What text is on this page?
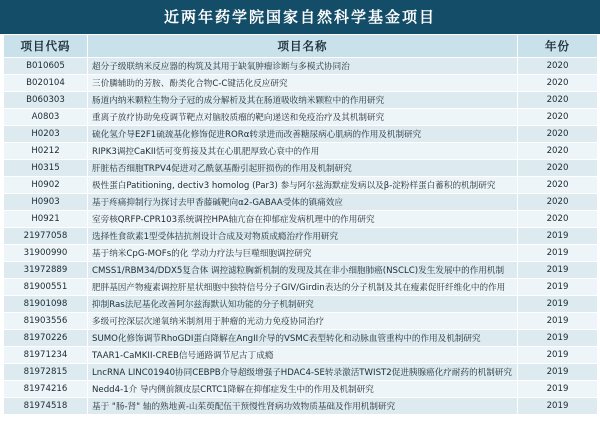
近两年药学院国家自然科学基金项目
项目代码	项目名称	年份
B010605	超分子级联纳米反应器的构筑及其用于缺氧肿瘤诊断与多模式协同治	2020
B020104	三价膦辅助的芳胺、酚类化合物C-C键活化反应研究	2020
B060303	肠道内纳米颗粒生物分子冠的成分解析及其在肠道吸收纳米颗粒中的作用研究	2020
A0803	重离子放疗协助免疫调节靶点对脑胶质瘤的靶向递送和免疫治疗及其机制研究	2020
H0203	硫化氢介导E2F1硫巯基化修饰促进RORα转录进而改善糖尿病心肌病的作用及机制研究	2020
H0212	RIPK3调控CaKII恬可变剪接及其在心肌肥厚致心衰中的作用	2020
H0315	肝脏枯否细胞TRPV4促进对乙酰氨基酚引起肝损伤的作用及机制研究	2020
H0902	极性蛋白Patitioning, dectiv3 homolog (Par3) 参与阿尔兹海默症发病以及β-淀粉样蛋白蓄积的机制研究	2020
H0903	基于疼痛抑制行为探讨去甲香藤碱靶向α2-GABAA受体的镇痛效应	2020
H0921	室旁核QRFP-CPR103系统调控HPA轴亢奋在抑郁症发病机理中的作用研究	2020
21977058	选择性食欲素1型受体拮抗剂设计合成及对物质成瘾治疗作用研究	2019
31900990	基于纳米CpG-MOFs的化 学动力疗法与巨噬细胞调控研究	2019
31972889	CMSS1/RBM34/DDX5复合体 调控滤粒胸新机制的发现及其在非小细胞肺癌(NSCLC)发生发展中的作用机制	2019
81900551	肥胖基因产物瘦素调控肝星状细胞中独特信号分子GIV/Girdin表达的分子机制及其在瘦素促肝纤维化中的作用	2019
81901098	抑制Ras法尼基化改善阿尔兹海默认知功能的分子机制研究	2019
81903556	多级可控深层次递氧纳米制剂用于肿瘤的光动力免疫协同治疗	2019
81970226	SUMO化修饰调节RhoGDI蛋白降解在AngII介导的VSMC表型转化和动脉血管重构中的作用及机制研究	2019
81971234	TAAR1-CaMKII-CREB信号通路调节尼古丁成瘾	2019
81972815	LncRNA LINC01940协同CEBPB介导超级增强子HDAC4-SE转录激活TWIST2促进胰腺癌化疗耐药的机制研究	2019
81974216	Nedd4-1介 导内侧前额皮层CRTC1降解在抑郁症发生中的作用及机制研究	2019
81974518	基于 "肠-肾" 轴的熟地黄-山茱萸配伍干预慢性肾病功效物质基础及作用机制研究	2019
